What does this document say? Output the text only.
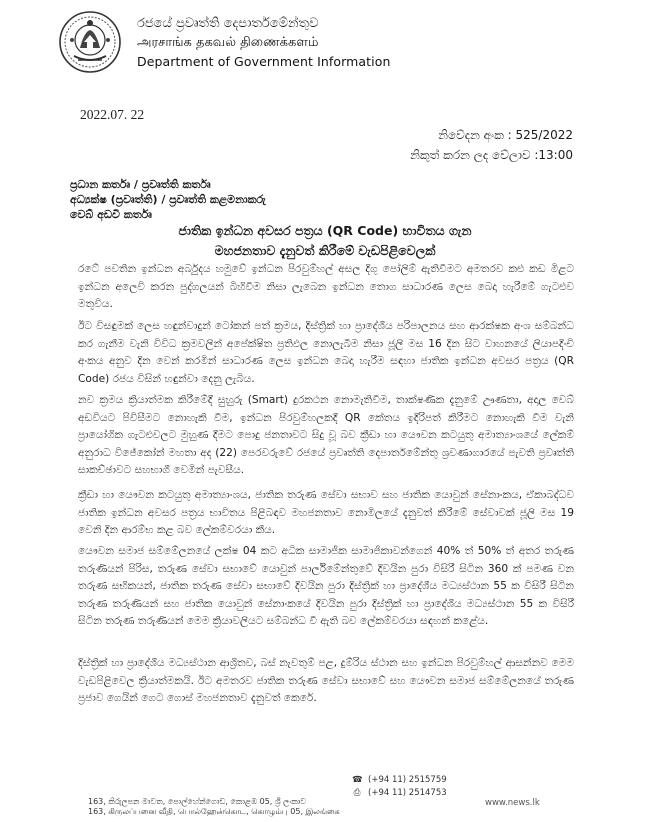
රජයේ ප්‍රවෘත්ති දෙපාර්තමේන්තුව
அரசாங்க தகவல் திணைக்களம்
Department of Government Information
2022.07. 22
නිවේදන අංක : 525/2022
නිකුත් කරන ලද වේලාව :13:00
ප්‍රධාන කර්තෘ / ප්‍රවෘත්ති කර්තෘ
අධ්‍යක්ෂ (ප්‍රවෘත්ති) / ප්‍රවෘත්ති කළමනාකරු
වෙබ් අඩවි කර්තෘ
ජාතික ඉන්ධන අවසර පත්‍රය (QR Code) භාවිතය ගැන
මහජනතාව දැනුවත් කිරීමේ වැඩපිළිවෙලක්
රටේ පවතින ඉන්ධන අර්බුදය හමුවේ ඉන්ධන පිරවුම්හල් අසල දිගු පෝලිම් ඇතිවීමට අමතරව කළු කඩ මිළට ඉන්ධන අලෙවි කරන පුද්ගලයන් බිහිවීම නිසා ලැබෙන ඉන්ධන තොග සාධාරණ ලෙස බෙදා හැරීමේ ගැටළුව මතුවිය.
ඊට විසඳුමක් ලෙස හඳුන්වාදුන් ටෝකන් පත් ක්‍රමය, දිස්ත්‍රික් හා ප්‍රාදේශීය පරිපාලනය සහ ආරක්ෂක අංශ සම්බන්ධ කර ගැනීම වැනි විවිධ ක්‍රමවලින් අපේක්ෂිත ප්‍රතිඵල නොලැබීම නිසා ජූලි මස 16 දින සිට වාහනයේ ලියාපදිංචි අංකය අනුව දින වෙන් කරමින් සාධාරණ ලෙස ඉන්ධන බෙදා හැරීම සඳහා ජාතික ඉන්ධන අවසර පත්‍රය (QR Code) රජය විසින් හඳුන්වා දෙනු ලැබිය.
නව ක්‍රමය ක්‍රියාත්මක කිරීමේදී සුහුරු (Smart) දුරකථන නොමැතිවීම, තාක්ෂණික දැනුමේ ඌණතා, අදාල වෙබ් අඩවියට පිවිසීමට නොහැකි වීම, ඉන්ධන පිරවුම්හලකදී QR කේතය ඉදිරිපත් කිරීමට නොහැකි වීම වැනි ප්‍රායෝගික ගැටළුවලට මුහුණ දීමට පොදු ජනතාවට සිදු වූ බව ක්‍රීඩා හා යෞවන කටයුතු අමාත්‍යාංශයේ ලේකම් අනුරාධ විජේකෝන් මහතා අද (22) පෙරවරුවේ රජයේ ප්‍රවෘත්ති දෙපාර්තමේන්තු ශ්‍රවණාගාරයේ පැවති ප්‍රවෘත්ති සාකච්ඡාවට සහභාගී වෙමින් පැවසීය.
ක්‍රීඩා හා යෞවන කටයුතු අමාත්‍යාංශය, ජාතික තරුණ සේවා සභාව සහ ජාතික යොවුන් සේනාංකය, ඒකාබද්ධව ජාතික ඉන්ධන අවසර පත්‍රය භාවිතය පිළිබඳව මහජනතාව නොමිලයේ දැනුවත් කිරීමේ සේවාවක් ජූලි මස 19 වෙනි දින ආරම්භ කළ බව ලේකම්වරයා කීය.
යෞවන සමාජ සම්මේලනයේ ලක්ෂ 04 කට අධික සාමාජික සාමාජිකාවන්ගෙන් 40% ත් 50% ත් අතර තරුණ තරුණියන් පිරිස, තරුණ සේවා සභාවේ යොවුන් පාර්ලිමේන්තුවේ දිවයින පුරා විසිරී සිටින 360 ක් පමණ වන තරුණ සභිකයන්, ජාතික තරුණ සේවා සභාවේ දිවයින පුරා දිස්ත්‍රික් හා ප්‍රාදේශීය මධ්‍යස්ථාන 55 ක විසිරී සිටින තරුණ තරුණියන් සහ ජාතික යොවුන් සේනාංකයේ දිවයින පුරා දිස්ත්‍රික් හා ප්‍රාදේශීය මධ්‍යස්ථාන 55 ක විසිරී සිටින තරුණ තරුණියන් මෙම ක්‍රියාවලියට සම්බන්ධ වී ඇති බව ලේකම්වරයා සඳහන් කළේය.
දිස්ත්‍රික් හා ප්‍රාදේශීය මධ්‍යස්ථාන ආශ්‍රිතව, බස් නැවතුම් පළ, දුම්රිය ස්ථාන සහ ඉන්ධන පිරවුම්හල් ආසන්නව මෙම වැඩපිළිවෙල ක්‍රියාත්මකයි. ඊට අමතරව ජාතික තරුණ සේවා සභාවේ සහ යෞවන සමාජ සම්මේලනයේ තරුණ ප්‍රජාව ගෙයින් ගෙට ගොස් මහජනතාව දැනුවත් කෙරේ.
163, කිරුලපන මාවත, පොල්හේන්ගොඩ, කොළඹ 05, ශ්‍රී ලංකාව
163, கிருலப்பனை வீதி, பொல்ஹேன்கொட, கொழும்பு 05, இலங்கை
☎ (+94 11) 2515759
⎙ (+94 11) 2514753
www.news.lk
